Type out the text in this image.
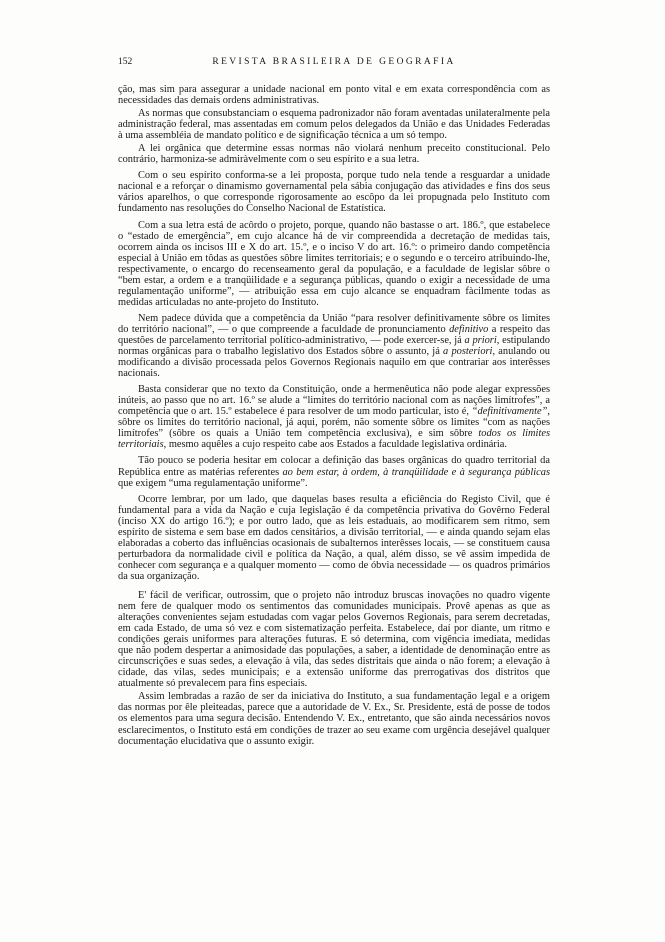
152	REVISTA BRASILEIRA DE GEOGRAFIA

ção, mas sim para assegurar a unidade nacional em ponto vital e em exata correspondência com as necessidades das demais ordens administrativas.

As normas que consubstanciam o esquema padronizador não foram aventadas unilateralmente pela administração federal, mas assentadas em comum pelos delegados da União e das Unidades Federadas à uma assembléia de mandato político e de significação técnica a um só tempo.

A lei orgânica que determine essas normas não violará nenhum preceito constitucional. Pelo contrário, harmoniza-se admiràvelmente com o seu espírito e a sua letra.

Com o seu espírito conforma-se a lei proposta, porque tudo nela tende a resguardar a unidade nacional e a reforçar o dinamismo governamental pela sábia conjugação das atividades e fins dos seus vários aparelhos, o que corresponde rigorosamente ao escôpo da lei propugnada pelo Instituto com fundamento nas resoluções do Conselho Nacional de Estatística.

Com a sua letra está de acôrdo o projeto, porque, quando não bastasse o art. 186.º, que estabelece o “estado de emergência”, em cujo alcance há de vir compreendida a decretação de medidas tais, ocorrem ainda os incisos III e X do art. 15.º, e o inciso V do art. 16.º: o primeiro dando competência especial à União em tôdas as questões sôbre limites territoriais; e o segundo e o terceiro atribuindo-lhe, respectivamente, o encargo do recenseamento geral da população, e a faculdade de legislar sôbre o “bem estar, a ordem e a tranqüilidade e a segurança públicas, quando o exigir a necessidade de uma regulamentação uniforme”, — atribuição essa em cujo alcance se enquadram fàcilmente todas as medidas articuladas no ante-projeto do Instituto.

Nem padece dúvida que a competência da União “para resolver definitivamente sôbre os limites do território nacional”, — o que compreende a faculdade de pronunciamento definitivo a respeito das questões de parcelamento territorial político-administrativo, — pode exercer-se, já a priori, estipulando normas orgânicas para o trabalho legislativo dos Estados sôbre o assunto, já a posteriori, anulando ou modificando a divisão processada pelos Governos Regionais naquilo em que contrariar aos interêsses nacionais.

Basta considerar que no texto da Constituição, onde a hermenêutica não pode alegar expressões inúteis, ao passo que no art. 16.º se alude a “limites do território nacional com as nações limítrofes”, a competência que o art. 15.º estabelece é para resolver de um modo particular, isto é, “definitivamente”, sôbre os limites do território nacional, já aqui, porém, não somente sôbre os limites “com as nações limítrofes” (sôbre os quais a União tem competência exclusiva), e sim sôbre todos os limites territoriais, mesmo aquêles a cujo respeito cabe aos Estados a faculdade legislativa ordinária.

Tão pouco se poderia hesitar em colocar a definição das bases orgânicas do quadro territorial da República entre as matérias referentes ao bem estar, à ordem, à tranqüilidade e à segurança públicas que exigem “uma regulamentação uniforme”.

Ocorre lembrar, por um lado, que daquelas bases resulta a eficiência do Registo Civil, que é fundamental para a vida da Nação e cuja legislação é da competência privativa do Govêrno Federal (inciso XX do artigo 16.º); e por outro lado, que as leis estaduais, ao modificarem sem ritmo, sem espírito de sistema e sem base em dados censitários, a divisão territorial, — e ainda quando sejam elas elaboradas a coberto das influências ocasionais de subalternos interêsses locais, — se constituem causa perturbadora da normalidade civil e política da Nação, a qual, além disso, se vê assim impedida de conhecer com segurança e a qualquer momento — como de óbvia necessidade — os quadros primários da sua organização.

E' fácil de verificar, outrossim, que o projeto não introduz bruscas inovações no quadro vigente nem fere de qualquer modo os sentimentos das comunidades municipais. Provê apenas as que as alterações convenientes sejam estudadas com vagar pelos Governos Regionais, para serem decretadas, em cada Estado, de uma só vez e com sistematização perfeita. Estabelece, daí por diante, um ritmo e condições gerais uniformes para alterações futuras. E só determina, com vigência imediata, medidas que não podem despertar a animosidade das populações, a saber, a identidade de denominação entre as circunscrições e suas sedes, a elevação à vila, das sedes distritais que ainda o não forem; a elevação à cidade, das vilas, sedes municipais; e a extensão uniforme das prerrogativas dos distritos que atualmente só prevalecem para fins especiais.

Assim lembradas a razão de ser da iniciativa do Instituto, a sua fundamentação legal e a origem das normas por êle pleiteadas, parece que a autoridade de V. Ex., Sr. Presidente, está de posse de todos os elementos para uma segura decisão. Entendendo V. Ex., entretanto, que são ainda necessários novos esclarecimentos, o Instituto está em condições de trazer ao seu exame com urgência desejável qualquer documentação elucidativa que o assunto exigir.
